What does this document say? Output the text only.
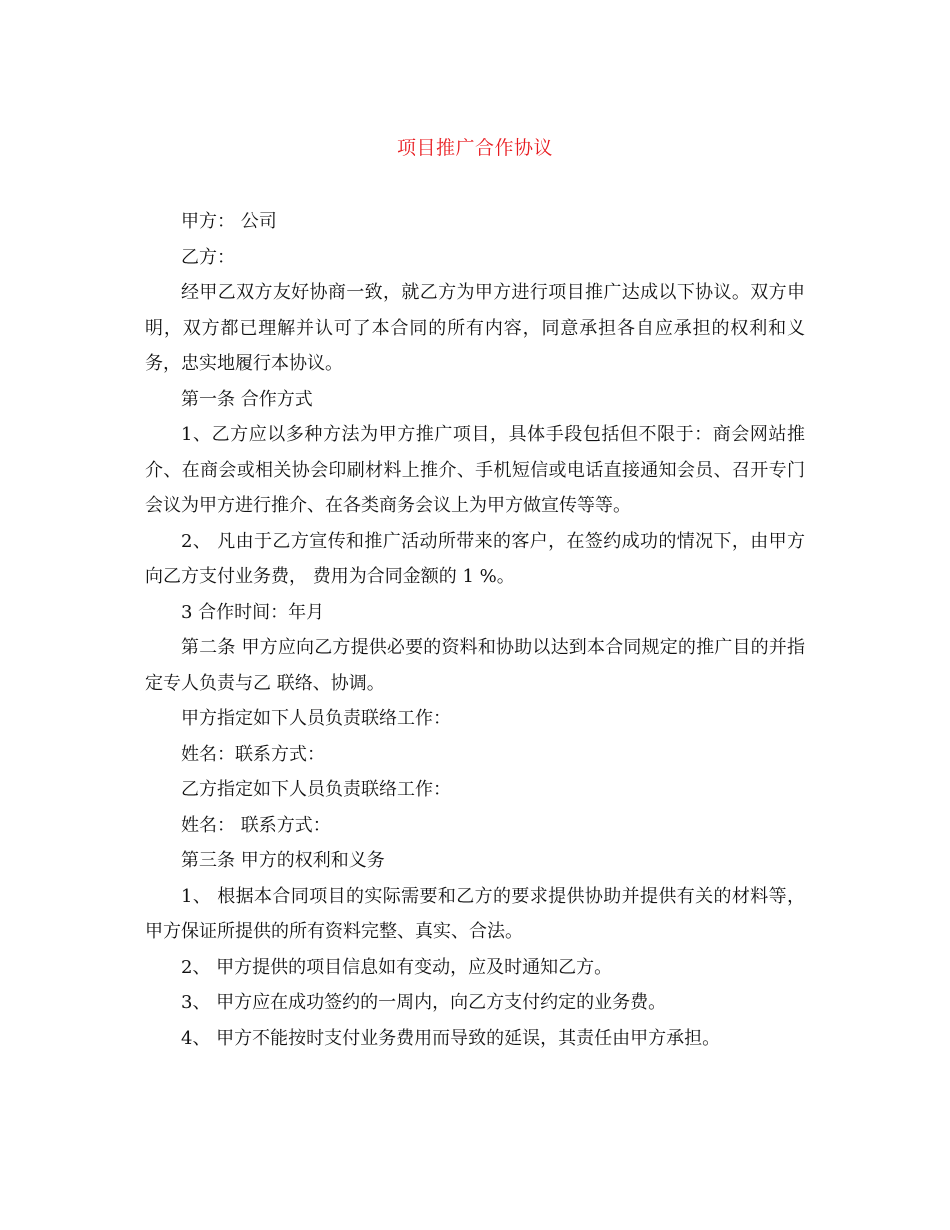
项目推广合作协议

甲方： 公司

乙方：

经甲乙双方友好协商一致，就乙方为甲方进行项目推广达成以下协议。双方申明，双方都已理解并认可了本合同的所有内容，同意承担各自应承担的权利和义务，忠实地履行本协议。

第一条 合作方式

1、乙方应以多种方法为甲方推广项目，具体手段包括但不限于：商会网站推介、在商会或相关协会印刷材料上推介、手机短信或电话直接通知会员、召开专门会议为甲方进行推介、在各类商务会议上为甲方做宣传等等。

2、 凡由于乙方宣传和推广活动所带来的客户，在签约成功的情况下，由甲方向乙方支付业务费， 费用为合同金额的 1 %。

3 合作时间：年月

第二条 甲方应向乙方提供必要的资料和协助以达到本合同规定的推广目的并指定专人负责与乙 联络、协调。

甲方指定如下人员负责联络工作：

姓名：联系方式：

乙方指定如下人员负责联络工作：

姓名： 联系方式：

第三条 甲方的权利和义务

1、 根据本合同项目的实际需要和乙方的要求提供协助并提供有关的材料等，甲方保证所提供的所有资料完整、真实、合法。

2、 甲方提供的项目信息如有变动，应及时通知乙方。

3、 甲方应在成功签约的一周内，向乙方支付约定的业务费。

4、 甲方不能按时支付业务费用而导致的延误，其责任由甲方承担。
